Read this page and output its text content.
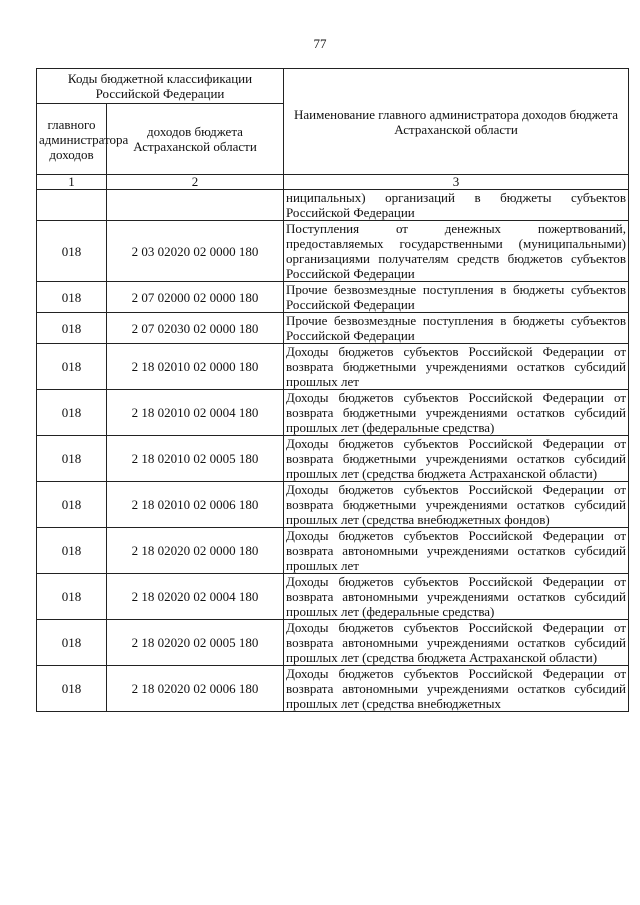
77
Коды бюджетной классификации Российской Федерации		Наименование главного администратора доходов бюджета Астраханской области
главного администратора доходов	доходов бюджета Астраханской области	
1	2	3
		ниципальных) организаций в бюджеты субъектов Российской Федерации
018	2 03 02020 02 0000 180	Поступления от денежных пожертвований, предоставляемых государственными (муниципальными) организациями получателям средств бюджетов субъектов Российской Федерации
018	2 07 02000 02 0000 180	Прочие безвозмездные поступления в бюджеты субъектов Российской Федерации
018	2 07 02030 02 0000 180	Прочие безвозмездные поступления в бюджеты субъектов Российской Федерации
018	2 18 02010 02 0000 180	Доходы бюджетов субъектов Российской Федерации от возврата бюджетными учреждениями остатков субсидий прошлых лет
018	2 18 02010 02 0004 180	Доходы бюджетов субъектов Российской Федерации от возврата бюджетными учреждениями остатков субсидий прошлых лет (федеральные средства)
018	2 18 02010 02 0005 180	Доходы бюджетов субъектов Российской Федерации от возврата бюджетными учреждениями остатков субсидий прошлых лет (средства бюджета Астраханской области)
018	2 18 02010 02 0006 180	Доходы бюджетов субъектов Российской Федерации от возврата бюджетными учреждениями остатков субсидий прошлых лет (средства внебюджетных фондов)
018	2 18 02020 02 0000 180	Доходы бюджетов субъектов Российской Федерации от возврата автономными учреждениями остатков субсидий прошлых лет
018	2 18 02020 02 0004 180	Доходы бюджетов субъектов Российской Федерации от возврата автономными учреждениями остатков субсидий прошлых лет (федеральные средства)
018	2 18 02020 02 0005 180	Доходы бюджетов субъектов Российской Федерации от возврата автономными учреждениями остатков субсидий прошлых лет (средства бюджета Астраханской области)
018	2 18 02020 02 0006 180	Доходы бюджетов субъектов Российской Федерации от возврата автономными учреждениями остатков субсидий прошлых лет (средства внебюджетных
